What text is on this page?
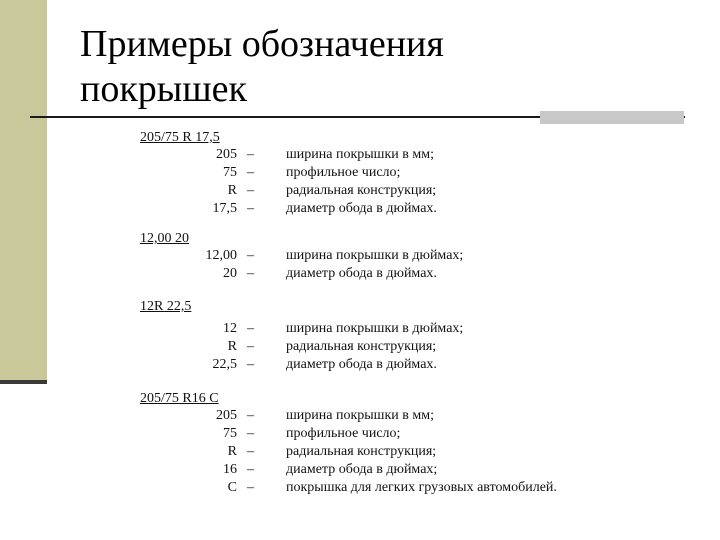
Примеры обозначения
покрышек
205/75 R 17,5
205 – ширина покрышки в мм;
75 – профильное число;
R – радиальная конструкция;
17,5 – диаметр обода в дюймах.
12,00 20
12,00 – ширина покрышки в дюймах;
20 – диаметр обода в дюймах.
12R 22,5
12 – ширина покрышки в дюймах;
R – радиальная конструкция;
22,5 – диаметр обода в дюймах.
205/75 R16 C
205 – ширина покрышки в мм;
75 – профильное число;
R – радиальная конструкция;
16 – диаметр обода в дюймах;
C – покрышка для легких грузовых автомобилей.
